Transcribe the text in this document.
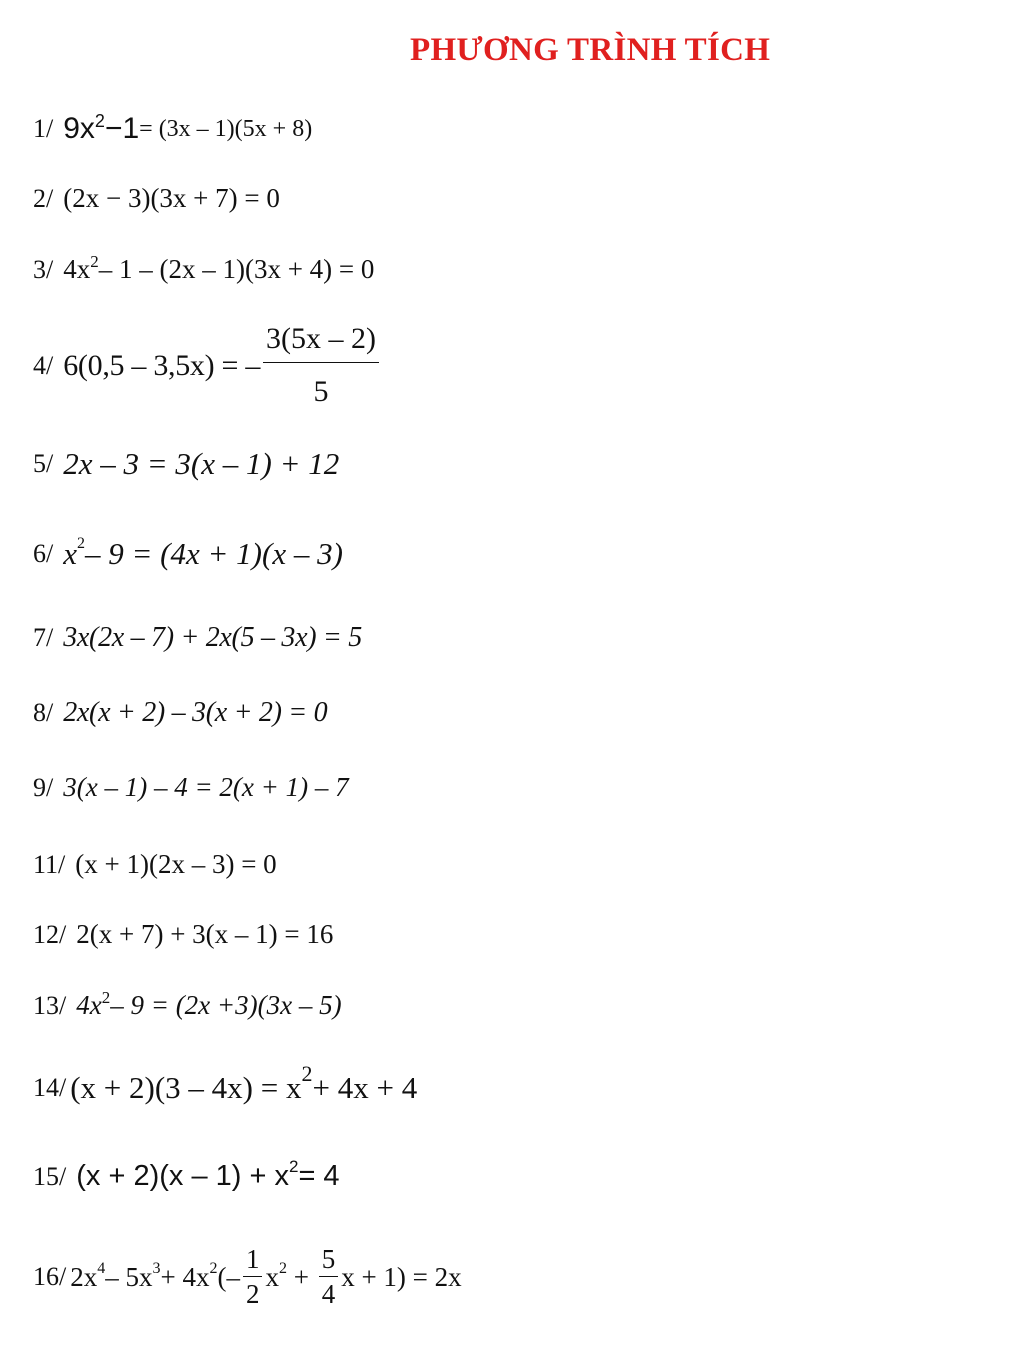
PHƯƠNG TRÌNH TÍCH
1/ $9x^2 -1 = (3x - 1)(5x + 8)$
2/ (2x − 3)(3x + 7) = 0
3/ $4x^2 - 1 - (2x - 1)(3x + 4) = 0$
4/ 6(0,5 – 3,5x) = – $\frac{3(5x - 2)}{5}$
5/ 2x – 3 = 3(x – 1) + 12
6/ $x^2 - 9 = (4x + 1)(x - 3)$
7/ 3x(2x – 7) + 2x(5 – 3x) = 5
8/ 2x(x + 2) – 3(x + 2) = 0
9/ 3(x – 1) – 4 = 2(x + 1) – 7
11/ (x + 1)(2x – 3) = 0
12/ 2(x + 7) + 3(x – 1) = 16
13/ $4x^2 - 9 = (2x +3)(3x - 5)$
14/ $(x + 2)(3 - 4x) = x^2 + 4x + 4$
15/ $(x + 2)(x - 1) + x^2 = 4$
16/ $2x^4 - 5x^3 + 4x^2$ (– $\frac{1}{2} x^2 + \frac{5}{4}$ x + 1) = 2x
